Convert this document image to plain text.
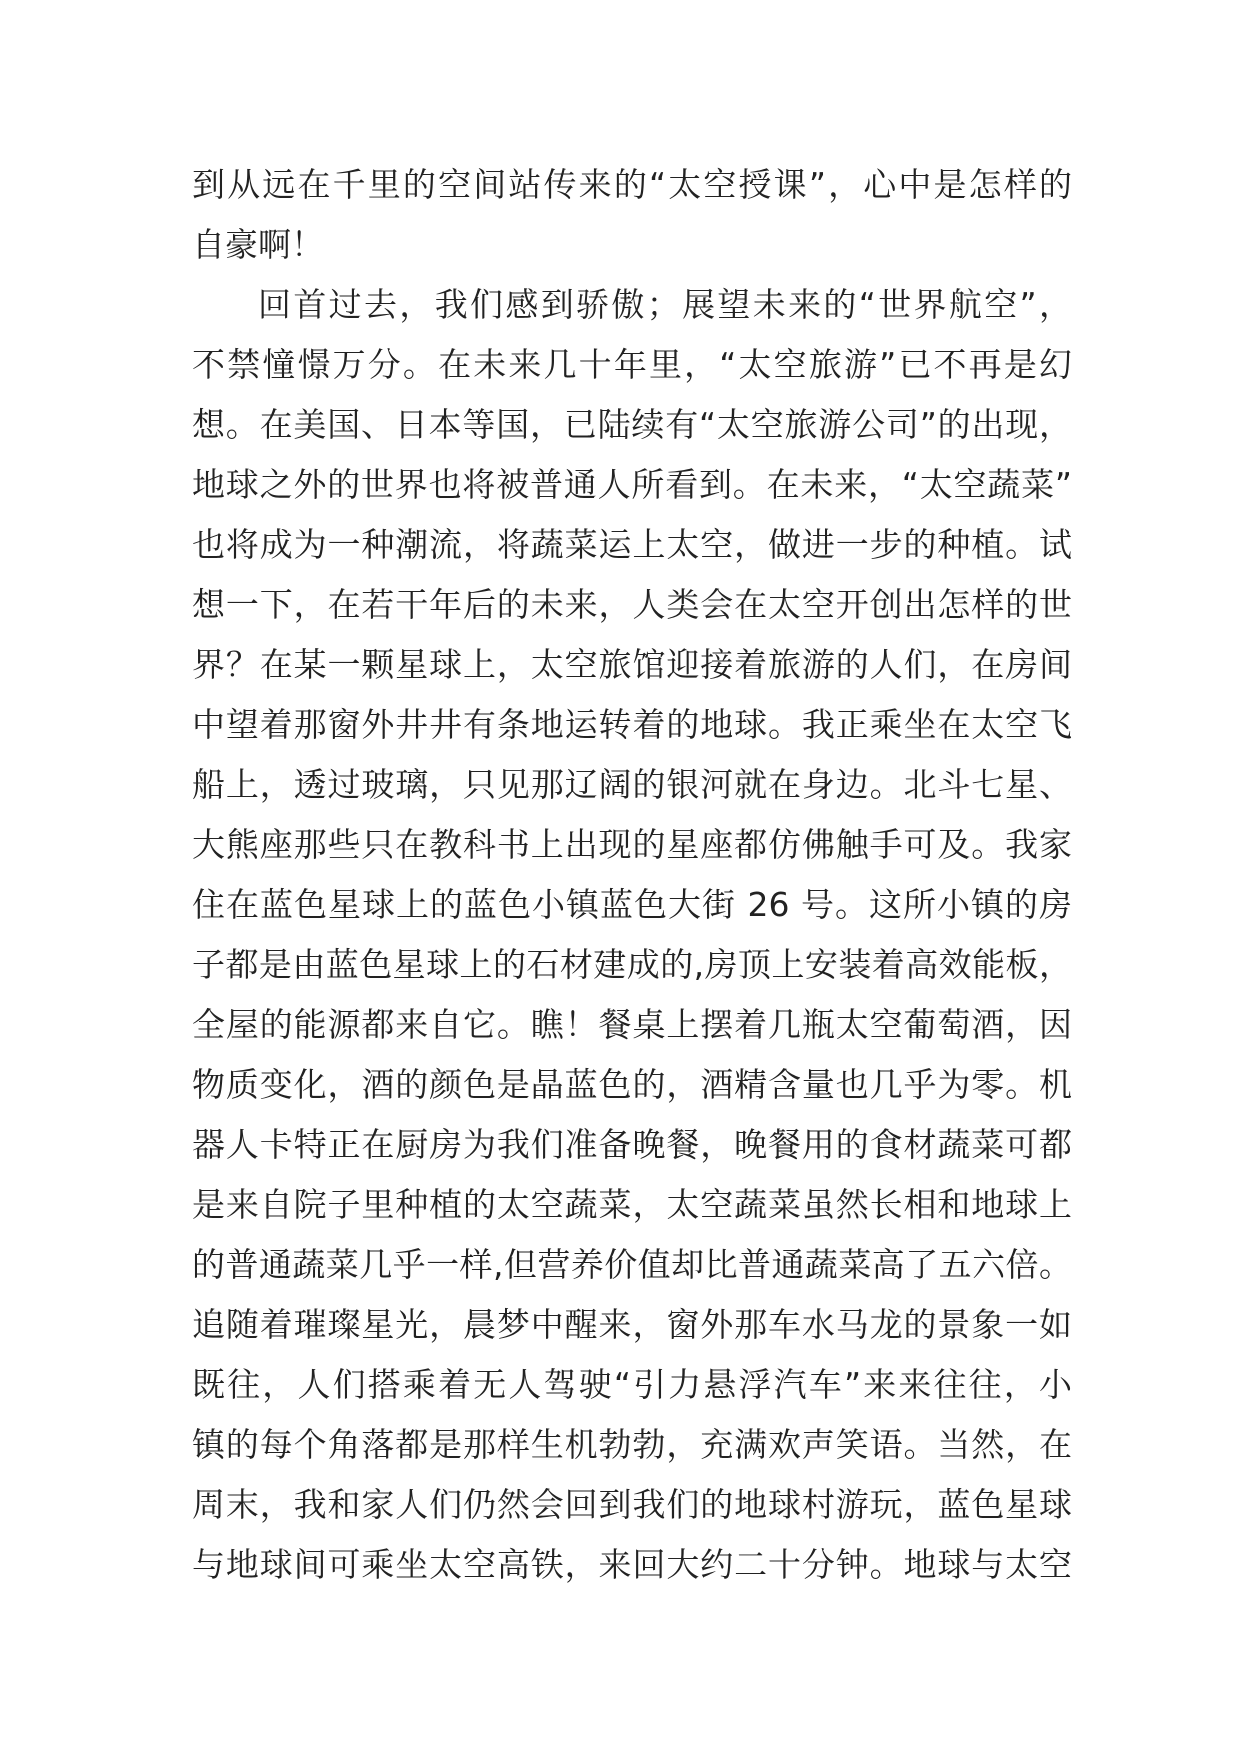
到从远在千里的空间站传来的“太空授课”，心中是怎样的
自豪啊！
回首过去，我们感到骄傲；展望未来的“世界航空”，
不禁憧憬万分。在未来几十年里，“太空旅游”已不再是幻
想。在美国、日本等国，已陆续有“太空旅游公司”的出现，
地球之外的世界也将被普通人所看到。在未来，“太空蔬菜”
也将成为一种潮流，将蔬菜运上太空，做进一步的种植。试
想一下，在若干年后的未来，人类会在太空开创出怎样的世
界？在某一颗星球上，太空旅馆迎接着旅游的人们，在房间
中望着那窗外井井有条地运转着的地球。我正乘坐在太空飞
船上，透过玻璃，只见那辽阔的银河就在身边。北斗七星、
大熊座那些只在教科书上出现的星座都仿佛触手可及。我家
住在蓝色星球上的蓝色小镇蓝色大街 26 号。这所小镇的房
子都是由蓝色星球上的石材建成的,房顶上安装着高效能板，
全屋的能源都来自它。瞧！餐桌上摆着几瓶太空葡萄酒，因
物质变化，酒的颜色是晶蓝色的，酒精含量也几乎为零。机
器人卡特正在厨房为我们准备晚餐，晚餐用的食材蔬菜可都
是来自院子里种植的太空蔬菜，太空蔬菜虽然长相和地球上
的普通蔬菜几乎一样,但营养价值却比普通蔬菜高了五六倍。
追随着璀璨星光，晨梦中醒来，窗外那车水马龙的景象一如
既往，人们搭乘着无人驾驶“引力悬浮汽车”来来往往，小
镇的每个角落都是那样生机勃勃，充满欢声笑语。当然，在
周末，我和家人们仍然会回到我们的地球村游玩，蓝色星球
与地球间可乘坐太空高铁，来回大约二十分钟。地球与太空
